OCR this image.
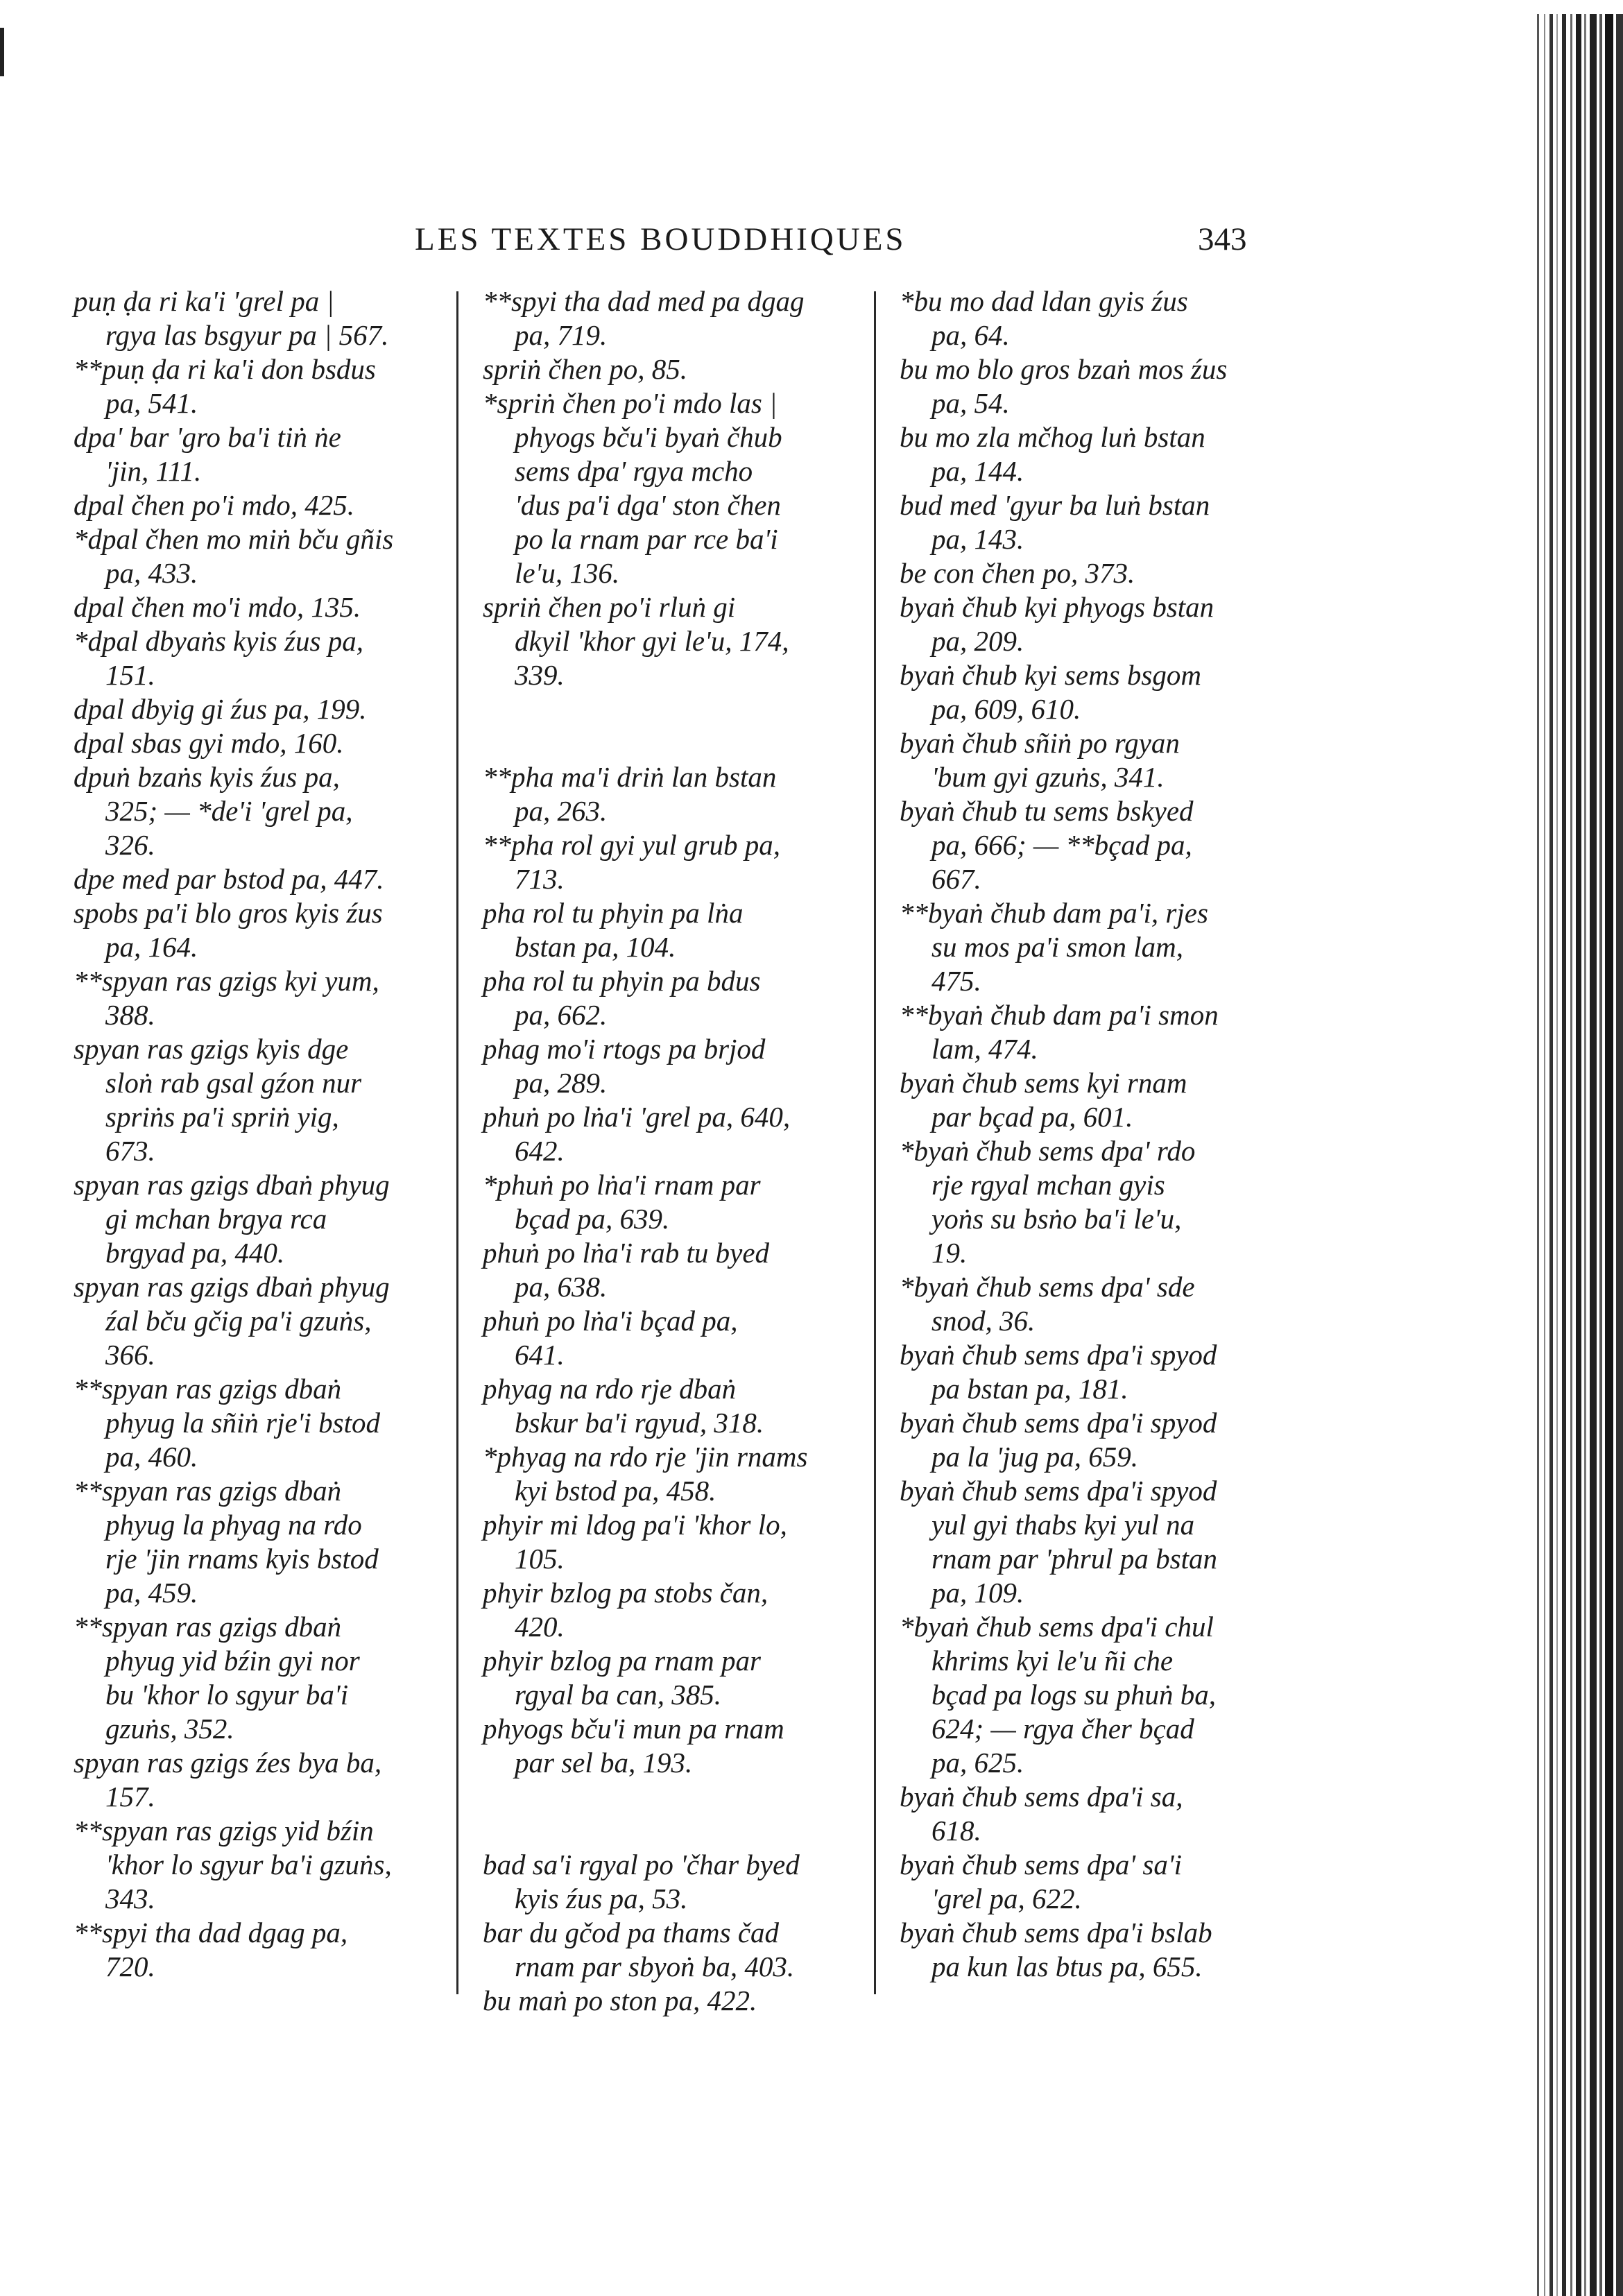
LES TEXTES BOUDDHIQUES	343
puṇ ḍa ri ka'i 'grel pa |
rgya las bsgyur pa | 567.
**puṇ ḍa ri ka'i don bsdus
pa, 541.
dpa' bar 'gro ba'i tiṅ ṅe
'jin, 111.
dpal čhen po'i mdo, 425.
*dpal čhen mo miṅ bču gñis
pa, 433.
dpal čhen mo'i mdo, 135.
*dpal dbyaṅs kyis źus pa,
151.
dpal dbyig gi źus pa, 199.
dpal sbas gyi mdo, 160.
dpuṅ bzaṅs kyis źus pa,
325; — *de'i 'grel pa,
326.
dpe med par bstod pa, 447.
spobs pa'i blo gros kyis źus
pa, 164.
**spyan ras gzigs kyi yum,
388.
spyan ras gzigs kyis dge
sloṅ rab gsal gźon nur
spriṅs pa'i spriṅ yig,
673.
spyan ras gzigs dbaṅ phyug
gi mchan brgya rca
brgyad pa, 440.
spyan ras gzigs dbaṅ phyug
źal bču gčig pa'i gzuṅs,
366.
**spyan ras gzigs dbaṅ
phyug la sñiṅ rje'i bstod
pa, 460.
**spyan ras gzigs dbaṅ
phyug la phyag na rdo
rje 'jin rnams kyis bstod
pa, 459.
**spyan ras gzigs dbaṅ
phyug yid bźin gyi nor
bu 'khor lo sgyur ba'i
gzuṅs, 352.
spyan ras gzigs źes bya ba,
157.
**spyan ras gzigs yid bźin
'khor lo sgyur ba'i gzuṅs,
343.
**spyi tha dad dgag pa,
720.
**spyi tha dad med pa dgag
pa, 719.
spriṅ čhen po, 85.
*spriṅ čhen po'i mdo las |
phyogs bču'i byaṅ čhub
sems dpa' rgya mcho
'dus pa'i dga' ston čhen
po la rnam par rce ba'i
le'u, 136.
spriṅ čhen po'i rluṅ gi
dkyil 'khor gyi le'u, 174,
339.
**pha ma'i driṅ lan bstan
pa, 263.
**pha rol gyi yul grub pa,
713.
pha rol tu phyin pa lṅa
bstan pa, 104.
pha rol tu phyin pa bdus
pa, 662.
phag mo'i rtogs pa brjod
pa, 289.
phuṅ po lṅa'i 'grel pa, 640,
642.
*phuṅ po lṅa'i rnam par
bçad pa, 639.
phuṅ po lṅa'i rab tu byed
pa, 638.
phuṅ po lṅa'i bçad pa,
641.
phyag na rdo rje dbaṅ
bskur ba'i rgyud, 318.
*phyag na rdo rje 'jin rnams
kyi bstod pa, 458.
phyir mi ldog pa'i 'khor lo,
105.
phyir bzlog pa stobs čan,
420.
phyir bzlog pa rnam par
rgyal ba can, 385.
phyogs bču'i mun pa rnam
par sel ba, 193.
bad sa'i rgyal po 'čhar byed
kyis źus pa, 53.
bar du gčod pa thams čad
rnam par sbyoṅ ba, 403.
bu maṅ po ston pa, 422.
*bu mo dad ldan gyis źus
pa, 64.
bu mo blo gros bzaṅ mos źus
pa, 54.
bu mo zla mčhog luṅ bstan
pa, 144.
bud med 'gyur ba luṅ bstan
pa, 143.
be con čhen po, 373.
byaṅ čhub kyi phyogs bstan
pa, 209.
byaṅ čhub kyi sems bsgom
pa, 609, 610.
byaṅ čhub sñiṅ po rgyan
'bum gyi gzuṅs, 341.
byaṅ čhub tu sems bskyed
pa, 666; — **bçad pa,
667.
**byaṅ čhub dam pa'i, rjes
su mos pa'i smon lam,
475.
**byaṅ čhub dam pa'i smon
lam, 474.
byaṅ čhub sems kyi rnam
par bçad pa, 601.
*byaṅ čhub sems dpa' rdo
rje rgyal mchan gyis
yoṅs su bsṅo ba'i le'u,
19.
*byaṅ čhub sems dpa' sde
snod, 36.
byaṅ čhub sems dpa'i spyod
pa bstan pa, 181.
byaṅ čhub sems dpa'i spyod
pa la 'jug pa, 659.
byaṅ čhub sems dpa'i spyod
yul gyi thabs kyi yul na
rnam par 'phrul pa bstan
pa, 109.
*byaṅ čhub sems dpa'i chul
khrims kyi le'u ñi che
bçad pa logs su phuṅ ba,
624; — rgya čher bçad
pa, 625.
byaṅ čhub sems dpa'i sa,
618.
byaṅ čhub sems dpa' sa'i
'grel pa, 622.
byaṅ čhub sems dpa'i bslab
pa kun las btus pa, 655.
